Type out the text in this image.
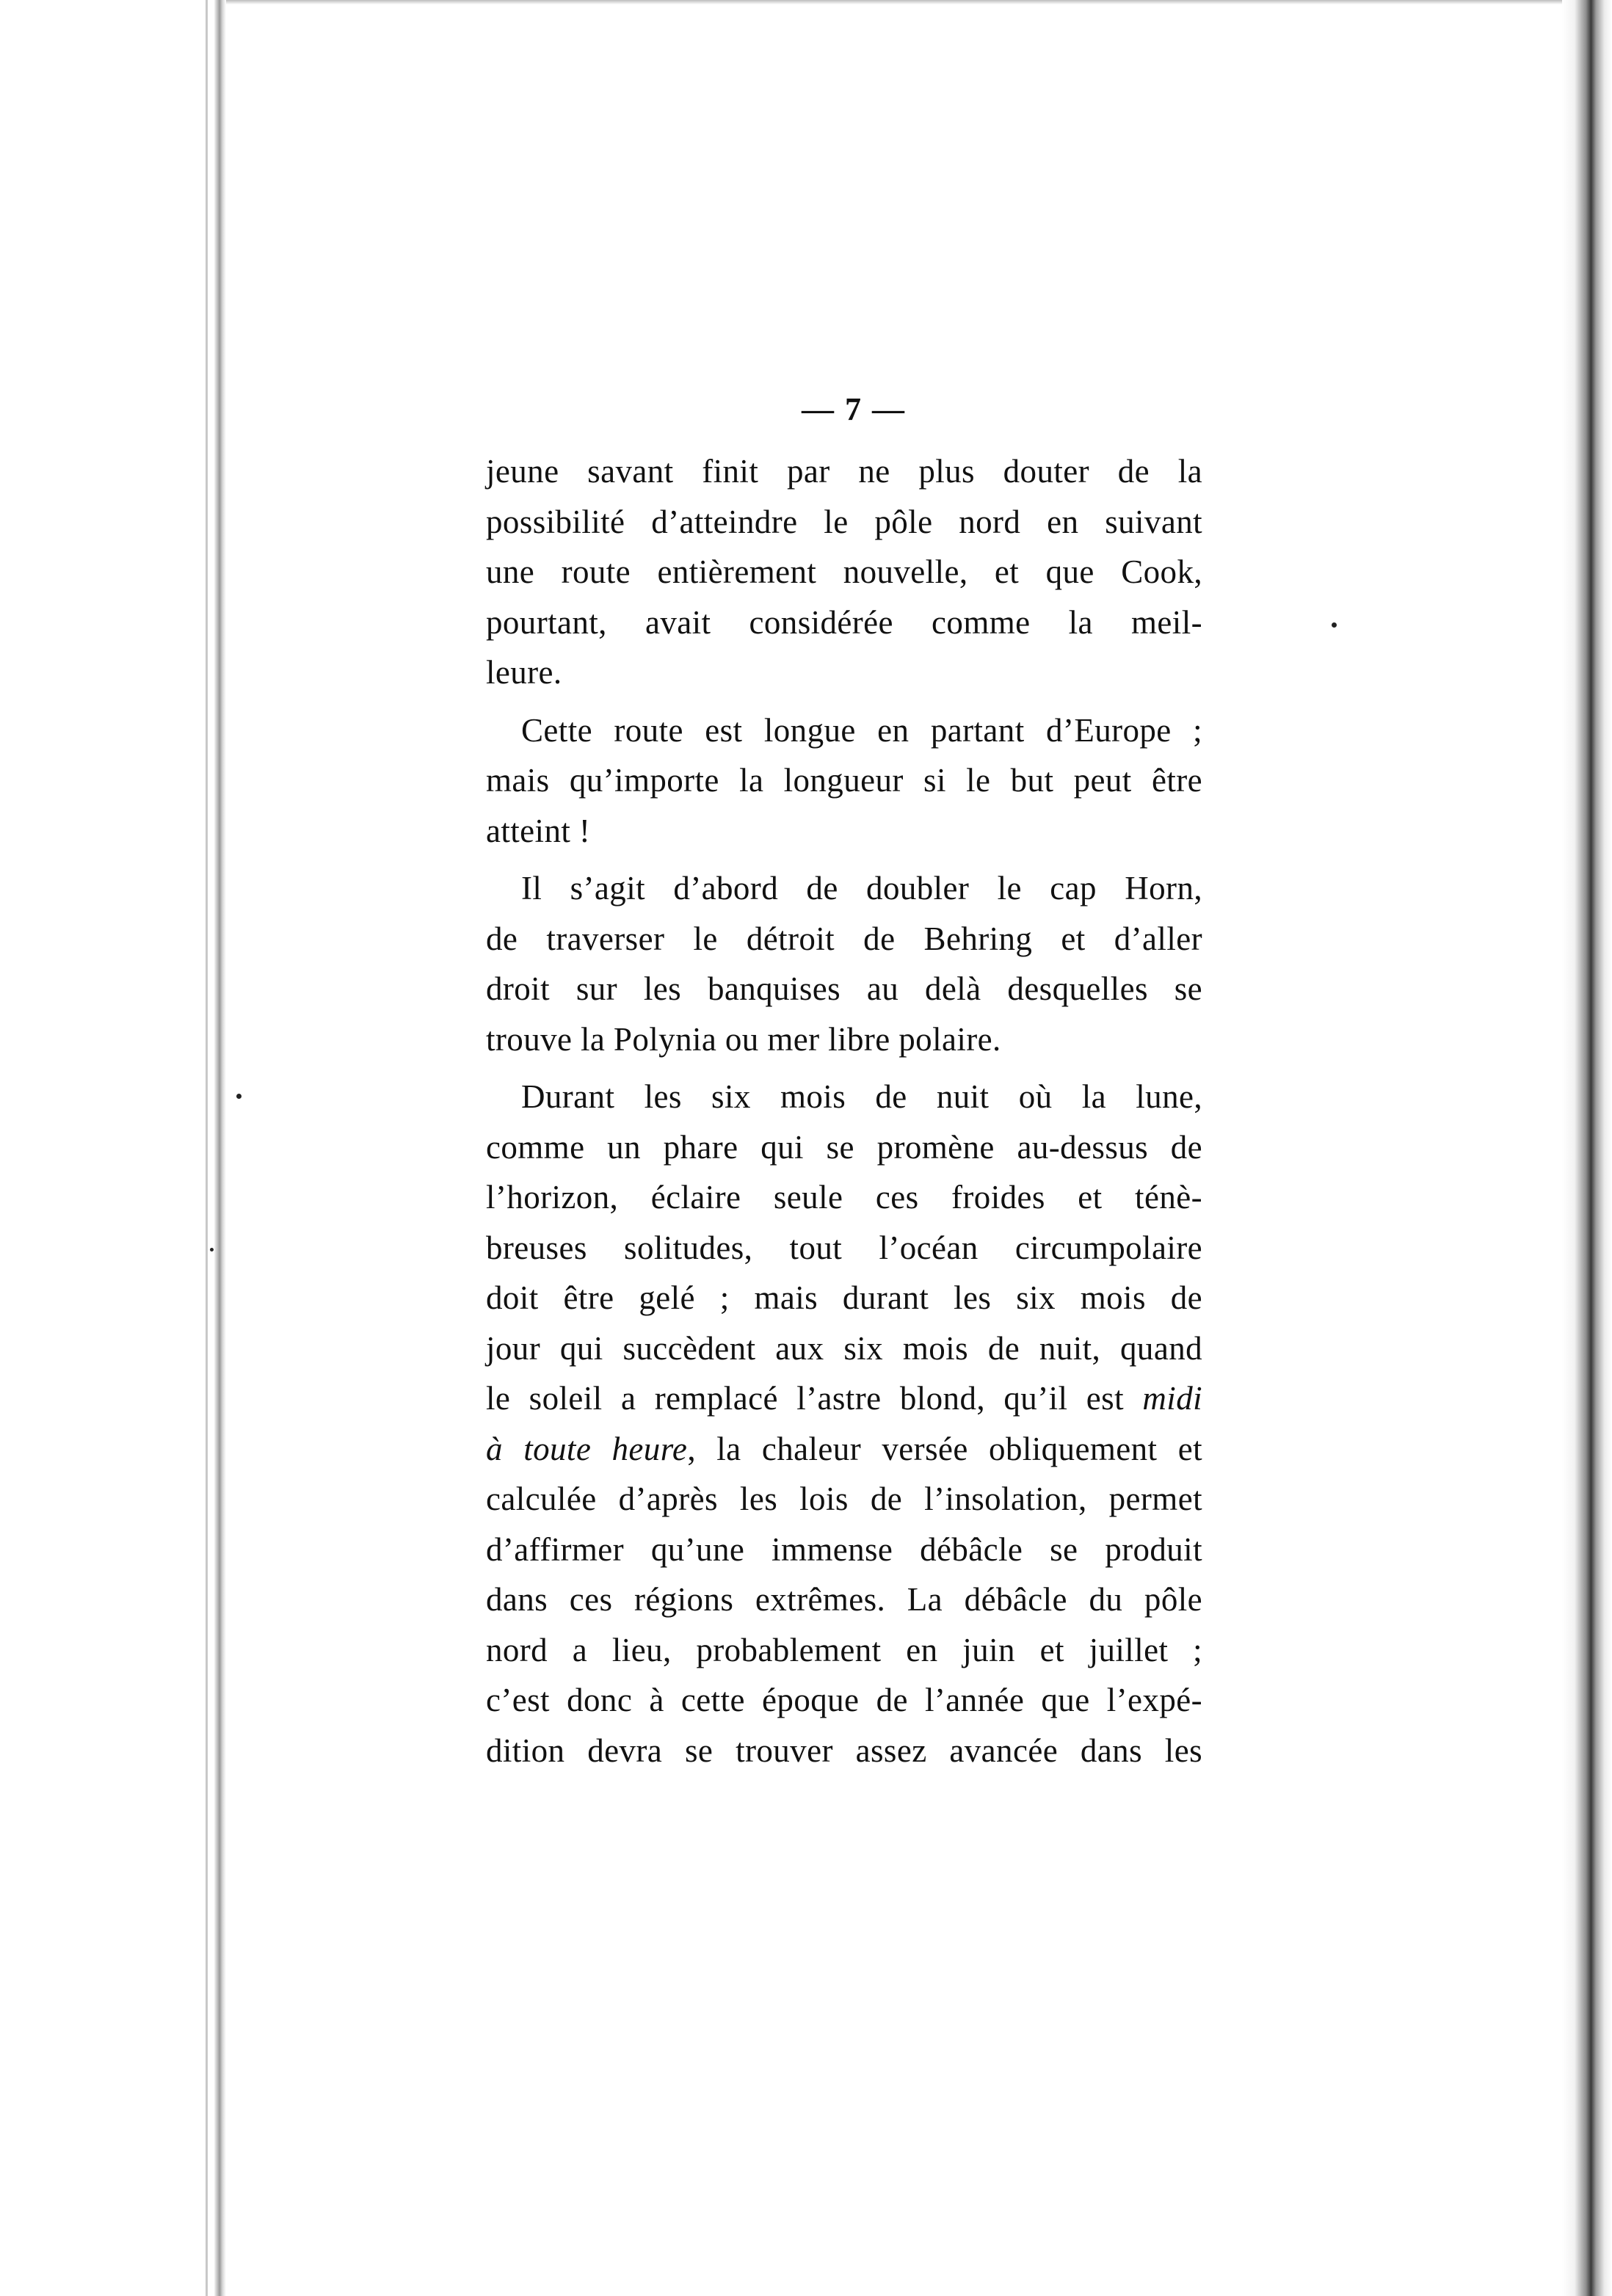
— 7 —

jeune savant finit par ne plus douter de la
possibilité d’atteindre le pôle nord en suivant
une route entièrement nouvelle, et que Cook,
pourtant, avait considérée comme la meil-
leure.

Cette route est longue en partant d’Europe ;
mais qu’importe la longueur si le but peut être
atteint !

Il s’agit d’abord de doubler le cap Horn,
de traverser le détroit de Behring et d’aller
droit sur les banquises au delà desquelles se
trouve la Polynia ou mer libre polaire.

Durant les six mois de nuit où la lune,
comme un phare qui se promène au-dessus de
l’horizon, éclaire seule ces froides et ténè-
breuses solitudes, tout l’océan circumpolaire
doit être gelé ; mais durant les six mois de
jour qui succèdent aux six mois de nuit, quand
le soleil a remplacé l’astre blond, qu’il est midi
à toute heure, la chaleur versée obliquement et
calculée d’après les lois de l’insolation, permet
d’affirmer qu’une immense débâcle se produit
dans ces régions extrêmes. La débâcle du pôle
nord a lieu, probablement en juin et juillet ;
c’est donc à cette époque de l’année que l’expé-
dition devra se trouver assez avancée dans les
